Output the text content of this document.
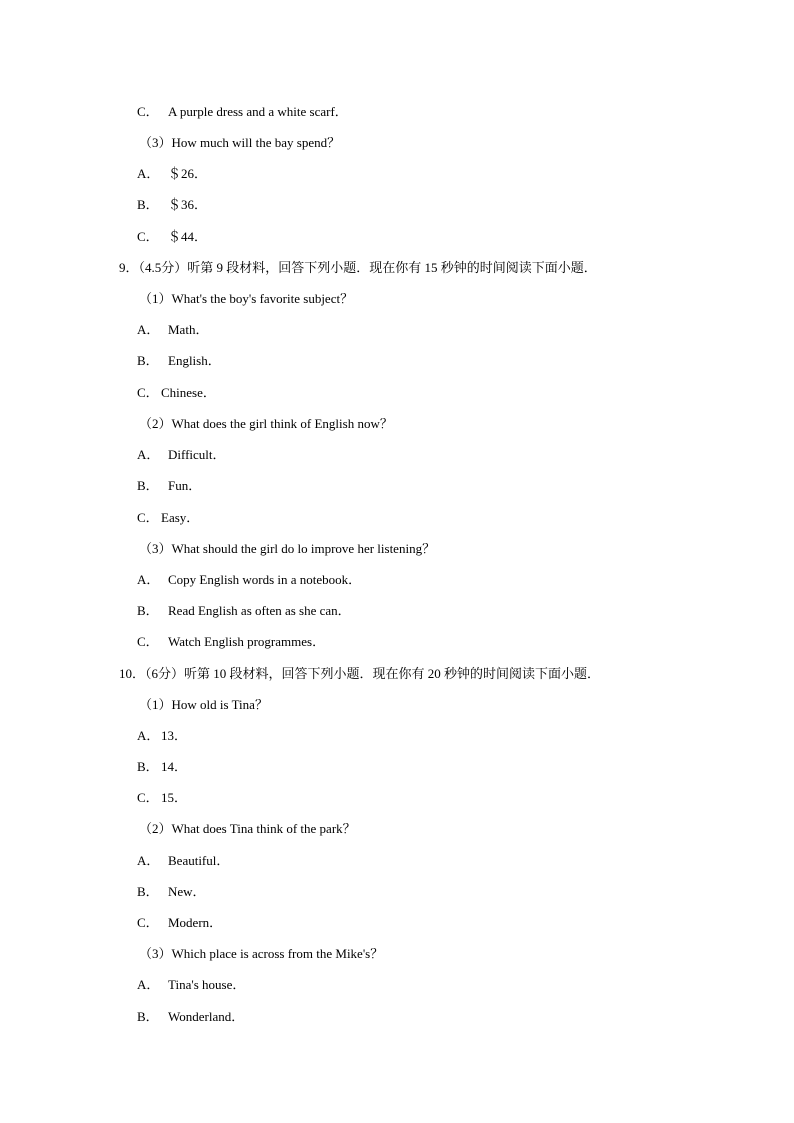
C． A purple dress and a white scarf．
（3）How much will the bay spend？
A． ＄26．
B． ＄36．
C． ＄44．
9．（4.5分）听第 9 段材料，回答下列小题．现在你有 15 秒钟的时间阅读下面小题．
（1）What's the boy's favorite subject？
A． Math．
B． English．
C． Chinese．
（2）What does the girl think of English now？
A． Difficult．
B． Fun．
C． Easy．
（3）What should the girl do lo improve her listening？
A． Copy English words in a notebook．
B． Read English as often as she can．
C． Watch English programmes．
10．（6分）听第 10 段材料，回答下列小题．现在你有 20 秒钟的时间阅读下面小题．
（1）How old is Tina？
A． 13．
B． 14．
C． 15．
（2）What does Tina think of the park？
A． Beautiful．
B． New．
C． Modern．
（3）Which place is across from the Mike's？
A． Tina's house．
B． Wonderland．
